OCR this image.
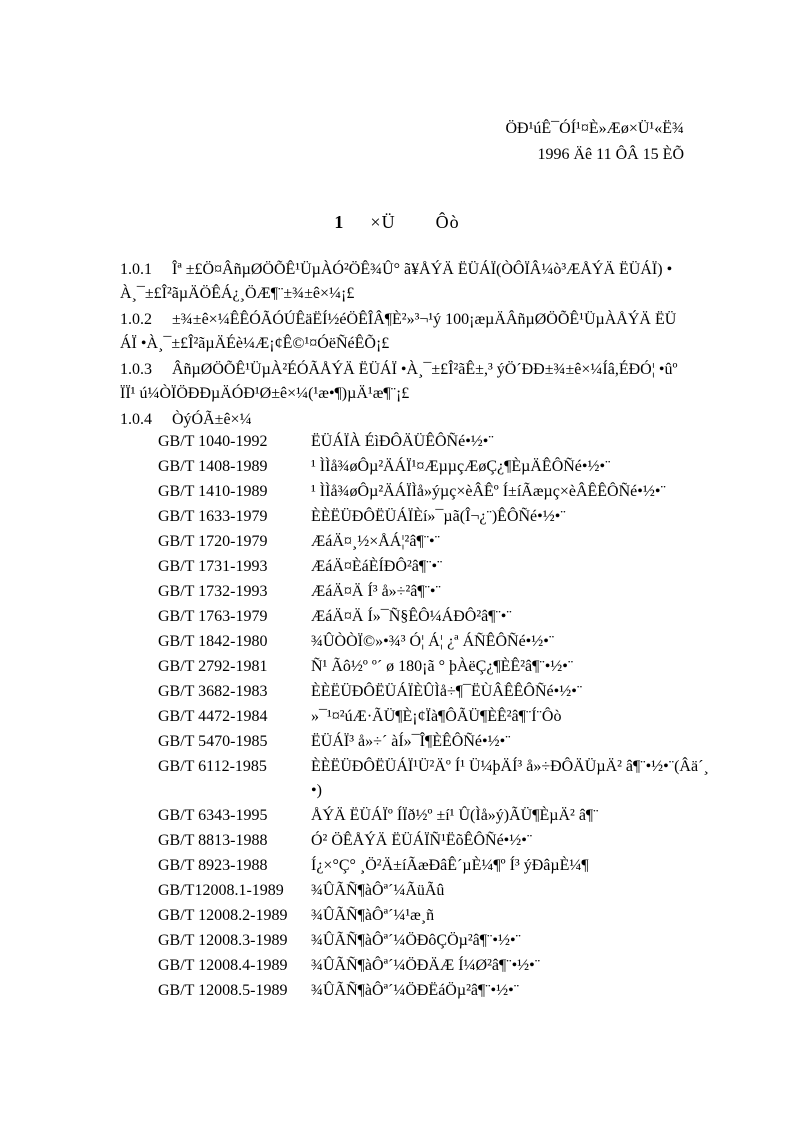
ÖÐ¹úÊ¯ÓÍ¹¤È»Æø×Ü¹«Ë¾
1996 Äê 11 ÔÂ 15 ÈÕ
1 ×Ü Ôò
1.0.1	Îª ±£Ö¤ÂñµØÖÕÊ¹ÜµÀÓ²ÖÊ¾Û° ã¥ÅÝÄ ËÜÁÏ(ÒÔÏÂ¼ò³ÆÅÝÄ ËÜÁÏ) •À¸¯±£Î²ãµÄÖÊÁ¿¸ÖÆ¶¨±¾±ê×¼¡£
1.0.2	±¾±ê×¼ÊÊÓÃÓÚÊäËÍ½éÖÊÎÂ¶È²»³¬¹ý 100¡æµÄÂñµØÖÕÊ¹ÜµÀÅÝÄ ËÜÁÏ •À¸¯±£Î²ãµÄÉè¼Æ¡¢Ê©¹¤ÓëÑéÊÕ¡£
1.0.3	ÂñµØÖÕÊ¹ÜµÀ²ÉÓÃÅÝÄ ËÜÁÏ •À¸¯±£Î²ãÊ±,³ ýÖ´ÐÐ±¾±ê×¼Íâ,ÉÐÓ¦ •ûºÏÏ¹ ú¼ÒÏÖÐÐµÄÓÐ¹Ø±ê×¼(¹æ•¶)µÄ¹æ¶¨¡£
1.0.4	ÒýÓÃ±ê×¼
GB/T 1040-1992	ËÜÁÏÀ ÉìÐÔÄÜÊÔÑé•½•¨
GB/T 1408-1989	¹ ÌÌå¾øÔµ²ÄÁÏ¹¤ÆµµçÆøÇ¿¶ÈµÄÊÔÑé•½•¨
GB/T 1410-1989	¹ ÌÌå¾øÔµ²ÄÁÏÌå»ýµç×èÂÊº Í±íÃæµç×èÂÊÊÔÑé•½•¨
GB/T 1633-1979	ÈÈËÜÐÔËÜÁÏÈí»¯µã(Î¬¿¨)ÊÔÑé•½•¨
GB/T 1720-1979	ÆáÄ¤¸½×ÅÁ¦²â¶¨•¨
GB/T 1731-1993	ÆáÄ¤ÈáÈÍÐÔ²â¶¨•¨
GB/T 1732-1993	ÆáÄ¤Ä Í³ å»÷²â¶¨•¨
GB/T 1763-1979	ÆáÄ¤Ä Í»¯Ñ§ÊÔ¼ÁÐÔ²â¶¨•¨
GB/T 1842-1980	¾ÛÒÒÏ©»•¾³ Ó¦ Á¦ ¿ª ÁÑÊÔÑé•½•¨
GB/T 2792-1981	Ñ¹ Ãô½º º´ ø 180¡ã ° þÀëÇ¿¶ÈÊ²â¶¨•½•¨
GB/T 3682-1983	ÈÈËÜÐÔËÜÁÏÈÛÌå÷¶¯ËÙÂÊÊÔÑé•½•¨
GB/T 4472-1984	»¯¹¤²úÆ·ÃÜ¶È¡¢Ïà¶ÔÃÜ¶ÈÊ²â¶¨Í¨Ôò
GB/T 5470-1985	ËÜÁÏ³ å»÷´ àÍ»¯Î¶ÈÊÔÑé•½•¨
GB/T 6112-1985	ÈÈËÜÐÔËÜÁÏ¹Ü²Äº Í¹ Ü¼þÄÍ³ å»÷ÐÔÄÜµÄ² â¶¨•½•¨(Âä´¸•)
GB/T 6343-1995	ÅÝÄ ËÜÁÏº ÍÏð½º ±í¹ Û(Ìå»ý)ÃÜ¶ÈµÄ² â¶¨
GB/T 8813-1988	Ó² ÖÊÅÝÄ ËÜÁÏÑ¹ËõÊÔÑé•½•¨
GB/T 8923-1988	Í¿×°Ç° ¸Ö²Ä±íÃæÐâÊ´µÈ¼¶º Í³ ýÐâµÈ¼¶
GB/T12008.1-1989	¾ÛÃÑ¶àÔª´¼ÃüÃû
GB/T 12008.2-1989	¾ÛÃÑ¶àÔª´¼¹æ¸ñ
GB/T 12008.3-1989	¾ÛÃÑ¶àÔª´¼ÖÐôÇÖµ²â¶¨•½•¨
GB/T 12008.4-1989	¾ÛÃÑ¶àÔª´¼ÖÐÄÆ Í¼Ø²â¶¨•½•¨
GB/T 12008.5-1989	¾ÛÃÑ¶àÔª´¼ÖÐËáÖµ²â¶¨•½•¨
